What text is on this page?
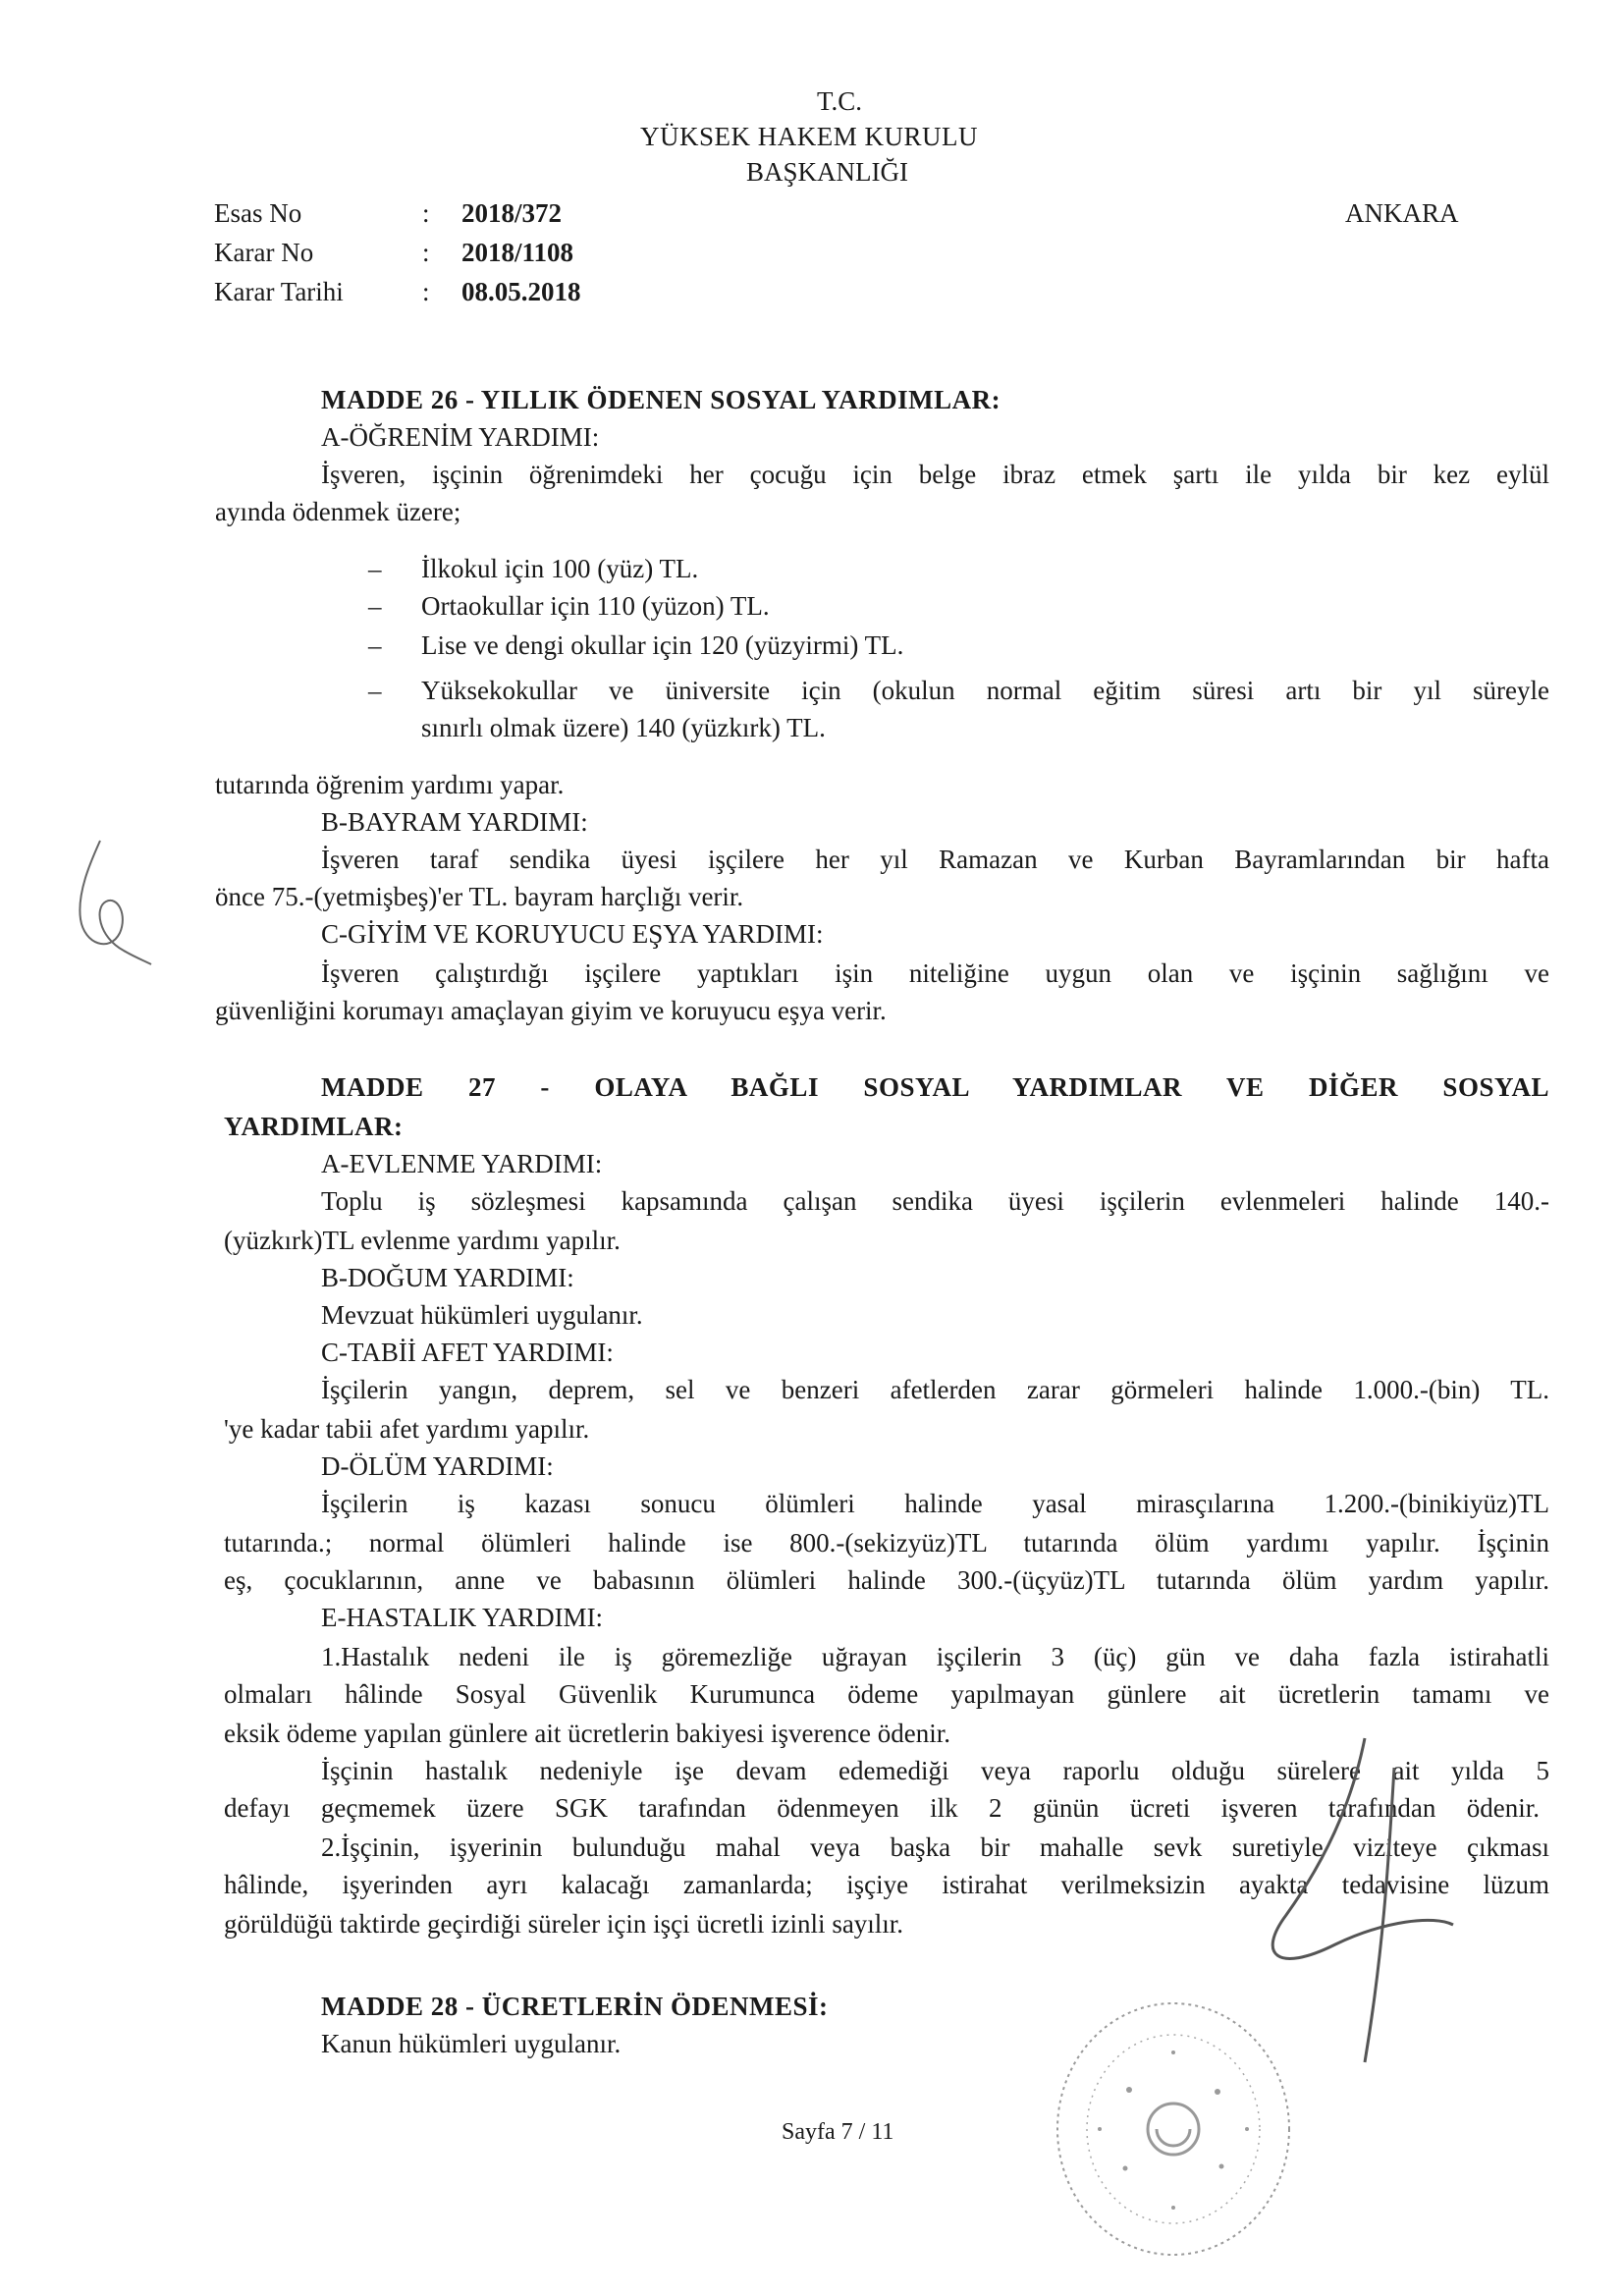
T.C.
YÜKSEK HAKEM KURULU
BAŞKANLIĞI
ANKARA
Esas No	: 2018/372
Karar No	: 2018/1108
Karar Tarihi	: 08.05.2018
MADDE 26 - YILLIK ÖDENEN SOSYAL YARDIMLAR:
A-ÖĞRENİM YARDIMI:
İşveren, işçinin öğrenimdeki her çocuğu için belge ibraz etmek şartı ile yılda bir kez eylül
ayında ödenmek üzere;
– İlkokul için 100 (yüz) TL.
– Ortaokullar için 110 (yüzon) TL.
– Lise ve dengi okullar için 120 (yüzyirmi) TL.
– Yüksekokullar ve üniversite için (okulun normal eğitim süresi artı bir yıl süreyle
sınırlı olmak üzere) 140 (yüzkırk) TL.
tutarında öğrenim yardımı yapar.
B-BAYRAM YARDIMI:
İşveren taraf sendika üyesi işçilere her yıl Ramazan ve Kurban Bayramlarından bir hafta
önce 75.-(yetmişbeş)'er TL. bayram harçlığı verir.
C-GİYİM VE KORUYUCU EŞYA YARDIMI:
İşveren çalıştırdığı işçilere yaptıkları işin niteliğine uygun olan ve işçinin sağlığını ve
güvenliğini korumayı amaçlayan giyim ve koruyucu eşya verir.
MADDE 27 - OLAYA BAĞLI SOSYAL YARDIMLAR VE DİĞER SOSYAL
YARDIMLAR:
A-EVLENME YARDIMI:
Toplu iş sözleşmesi kapsamında çalışan sendika üyesi işçilerin evlenmeleri halinde 140.-
(yüzkırk)TL evlenme yardımı yapılır.
B-DOĞUM YARDIMI:
Mevzuat hükümleri uygulanır.
C-TABİİ AFET YARDIMI:
İşçilerin yangın, deprem, sel ve benzeri afetlerden zarar görmeleri halinde 1.000.-(bin) TL.
'ye kadar tabii afet yardımı yapılır.
D-ÖLÜM YARDIMI:
İşçilerin iş kazası sonucu ölümleri halinde yasal mirasçılarına 1.200.-(binikiyüz)TL
tutarında.; normal ölümleri halinde ise 800.-(sekizyüz)TL tutarında ölüm yardımı yapılır. İşçinin
eş, çocuklarının, anne ve babasının ölümleri halinde 300.-(üçyüz)TL tutarında ölüm yardım yapılır.
E-HASTALIK YARDIMI:
1.Hastalık nedeni ile iş göremezliğe uğrayan işçilerin 3 (üç) gün ve daha fazla istirahatli
olmaları hâlinde Sosyal Güvenlik Kurumunca ödeme yapılmayan günlere ait ücretlerin tamamı ve
eksik ödeme yapılan günlere ait ücretlerin bakiyesi işverence ödenir.
İşçinin hastalık nedeniyle işe devam edemediği veya raporlu olduğu sürelere ait yılda 5
defayı geçmemek üzere SGK tarafından ödenmeyen ilk 2 günün ücreti işveren tarafından ödenir.
2.İşçinin, işyerinin bulunduğu mahal veya başka bir mahalle sevk suretiyle viziteye çıkması
hâlinde, işyerinden ayrı kalacağı zamanlarda; işçiye istirahat verilmeksizin ayakta tedavisine lüzum
görüldüğü taktirde geçirdiği süreler için işçi ücretli izinli sayılır.
MADDE 28 - ÜCRETLERİN ÖDENMESİ:
Kanun hükümleri uygulanır.
Sayfa 7 / 11
